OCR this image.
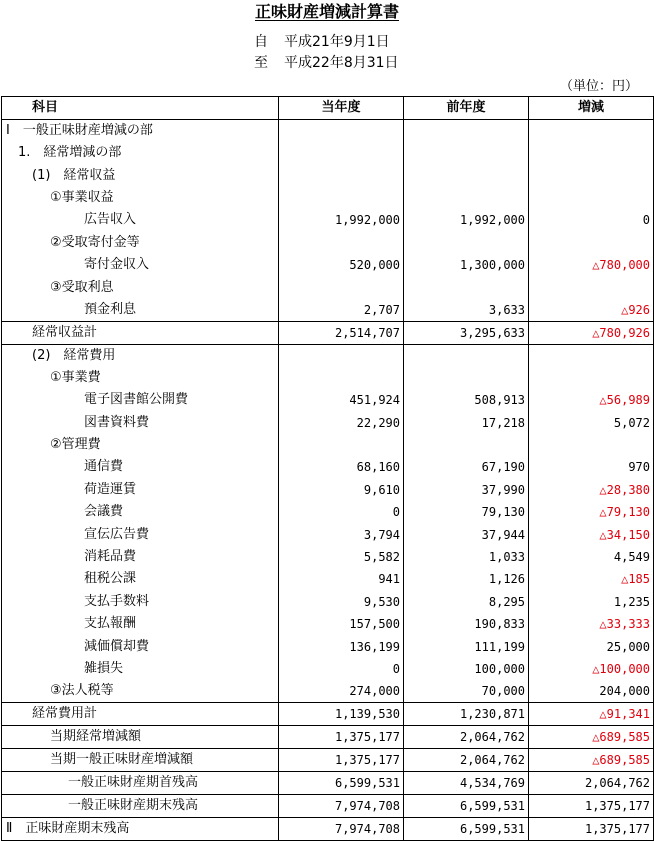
正味財産増減計算書
自 平成21年9月1日
至 平成22年8月31日
（単位：円）
科目	当年度	前年度	増減
Ⅰ　一般正味財産増減の部			
1.　経常増減の部			
(1)　経常収益			
①事業収益			
広告収入	1,992,000	1,992,000	0
②受取寄付金等			
寄付金収入	520,000	1,300,000	△780,000
③受取利息			
預金利息	2,707	3,633	△926
経常収益計	2,514,707	3,295,633	△780,926
(2)　経常費用			
①事業費			
電子図書館公開費	451,924	508,913	△56,989
図書資料費	22,290	17,218	5,072
②管理費			
通信費	68,160	67,190	970
荷造運賃	9,610	37,990	△28,380
会議費	0	79,130	△79,130
宣伝広告費	3,794	37,944	△34,150
消耗品費	5,582	1,033	4,549
租税公課	941	1,126	△185
支払手数料	9,530	8,295	1,235
支払報酬	157,500	190,833	△33,333
減価償却費	136,199	111,199	25,000
雑損失	0	100,000	△100,000
③法人税等	274,000	70,000	204,000
経常費用計	1,139,530	1,230,871	△91,341
当期経常増減額	1,375,177	2,064,762	△689,585
当期一般正味財産増減額	1,375,177	2,064,762	△689,585
一般正味財産期首残高	6,599,531	4,534,769	2,064,762
一般正味財産期末残高	7,974,708	6,599,531	1,375,177
Ⅱ　正味財産期末残高	7,974,708	6,599,531	1,375,177
